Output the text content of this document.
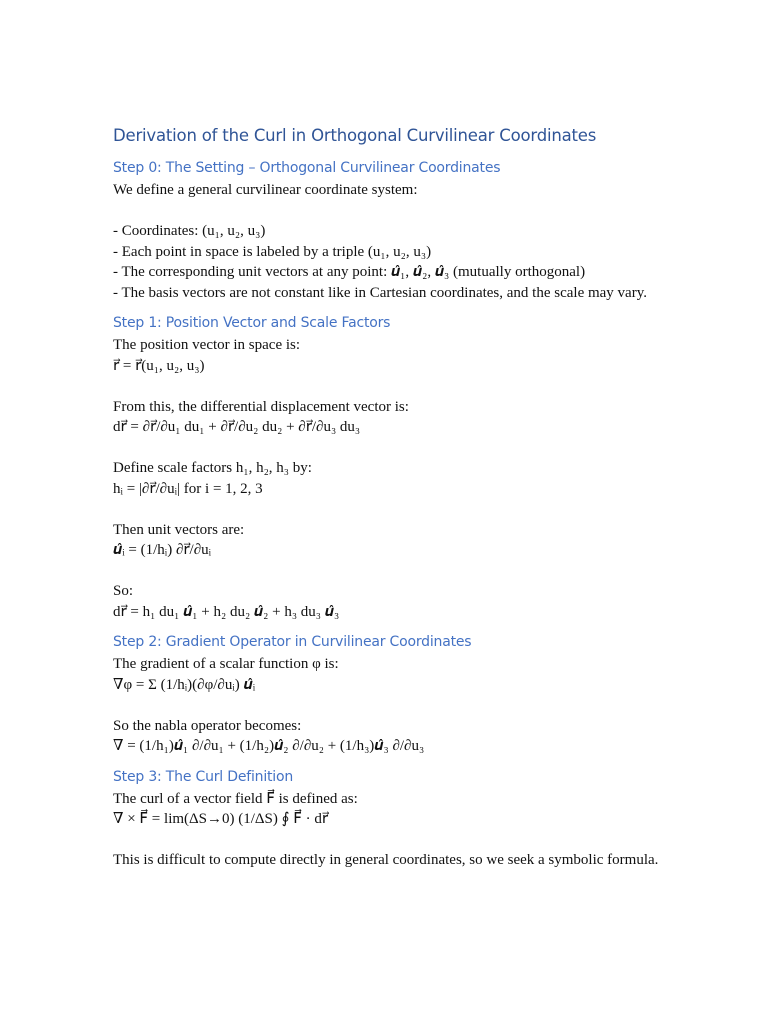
Derivation of the Curl in Orthogonal Curvilinear Coordinates
Step 0: The Setting – Orthogonal Curvilinear Coordinates
We define a general curvilinear coordinate system:
- Coordinates: (u₁, u₂, u₃)
- Each point in space is labeled by a triple (u₁, u₂, u₃)
- The corresponding unit vectors at any point: 𝒖̂₁, 𝒖̂₂, 𝒖̂₃ (mutually orthogonal)
- The basis vectors are not constant like in Cartesian coordinates, and the scale may vary.
Step 1: Position Vector and Scale Factors
The position vector in space is:
r⃗ = r⃗(u₁, u₂, u₃)
From this, the differential displacement vector is:
dr⃗ = ∂r⃗/∂u₁ du₁ + ∂r⃗/∂u₂ du₂ + ∂r⃗/∂u₃ du₃
Define scale factors h₁, h₂, h₃ by:
hᵢ = |∂r⃗/∂uᵢ| for i = 1, 2, 3
Then unit vectors are:
𝒖̂ᵢ = (1/hᵢ) ∂r⃗/∂uᵢ
So:
dr⃗ = h₁ du₁ 𝒖̂₁ + h₂ du₂ 𝒖̂₂ + h₃ du₃ 𝒖̂₃
Step 2: Gradient Operator in Curvilinear Coordinates
The gradient of a scalar function φ is:
∇φ = Σ (1/hᵢ)(∂φ/∂uᵢ) 𝒖̂ᵢ
So the nabla operator becomes:
∇ = (1/h₁)𝒖̂₁ ∂/∂u₁ + (1/h₂)𝒖̂₂ ∂/∂u₂ + (1/h₃)𝒖̂₃ ∂/∂u₃
Step 3: The Curl Definition
The curl of a vector field F⃗ is defined as:
∇ × F⃗ = lim(ΔS→0) (1/ΔS) ∮ F⃗ · dr⃗
This is difficult to compute directly in general coordinates, so we seek a symbolic formula.
